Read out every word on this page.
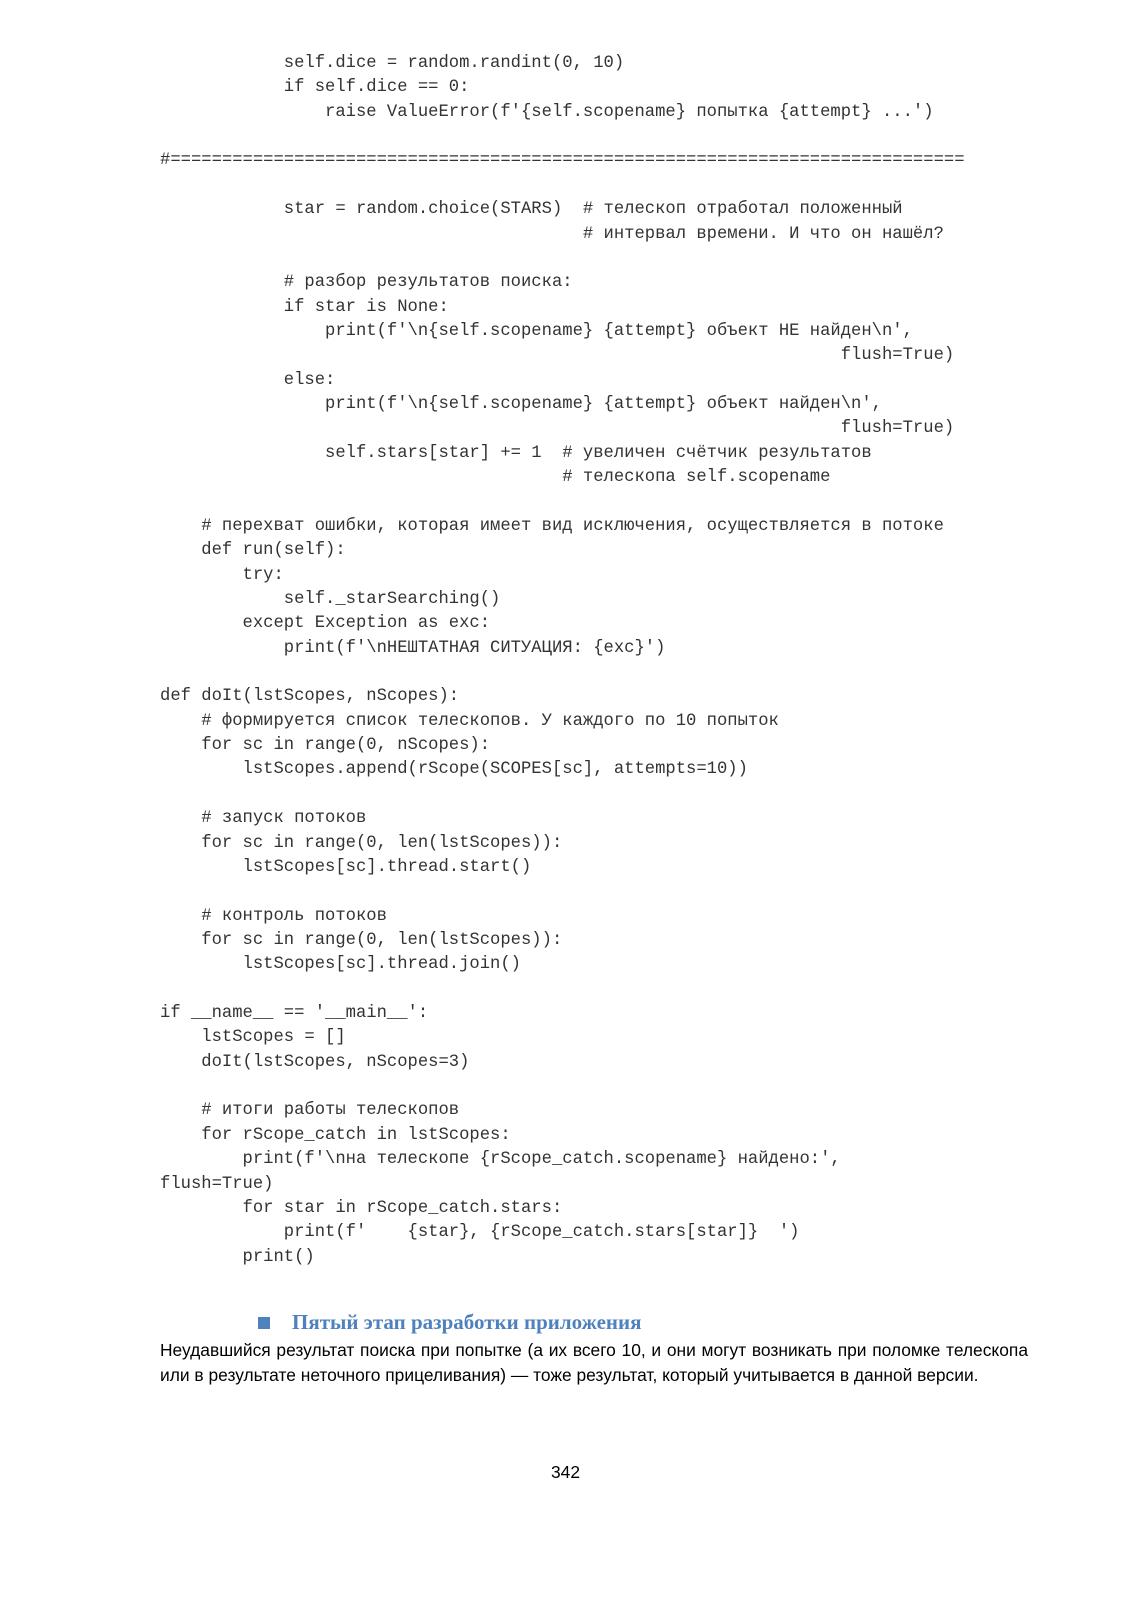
self.dice = random.randint(0, 10)
if self.dice == 0:
raise ValueError(f'{self.scopename} попытка {attempt} ...')
#=============================================================================
star = random.choice(STARS)  # телескоп отработал положенный
# интервал времени. И что он нашёл?
# разбор результатов поиска:
if star is None:
print(f'\n{self.scopename} {attempt} объект НЕ найден\n',
flush=True)
else:
print(f'\n{self.scopename} {attempt} объект найден\n',
flush=True)
self.stars[star] += 1  # увеличен счётчик результатов
# телескопа self.scopename
# перехват ошибки, которая имеет вид исключения, осуществляется в потоке
def run(self):
try:
self._starSearching()
except Exception as exc:
print(f'\nНЕШТАТНАЯ СИТУАЦИЯ: {exc}')
def doIt(lstScopes, nScopes):
# формируется список телескопов. У каждого по 10 попыток
for sc in range(0, nScopes):
lstScopes.append(rScope(SCOPES[sc], attempts=10))
# запуск потоков
for sc in range(0, len(lstScopes)):
lstScopes[sc].thread.start()
# контроль потоков
for sc in range(0, len(lstScopes)):
lstScopes[sc].thread.join()
if __name__ == '__main__':
lstScopes = []
doIt(lstScopes, nScopes=3)
# итоги работы телескопов
for rScope_catch in lstScopes:
print(f'\nна телескопе {rScope_catch.scopename} найдено:',
flush=True)
for star in rScope_catch.stars:
print(f'    {star}, {rScope_catch.stars[star]}  ')
print()
Пятый этап разработки приложения
Неудавшийся результат поиска при попытке (а их всего 10, и они могут возникать при поломке телескопа или в результате неточного прицеливания) — тоже результат, который учитывается в данной версии.
342
